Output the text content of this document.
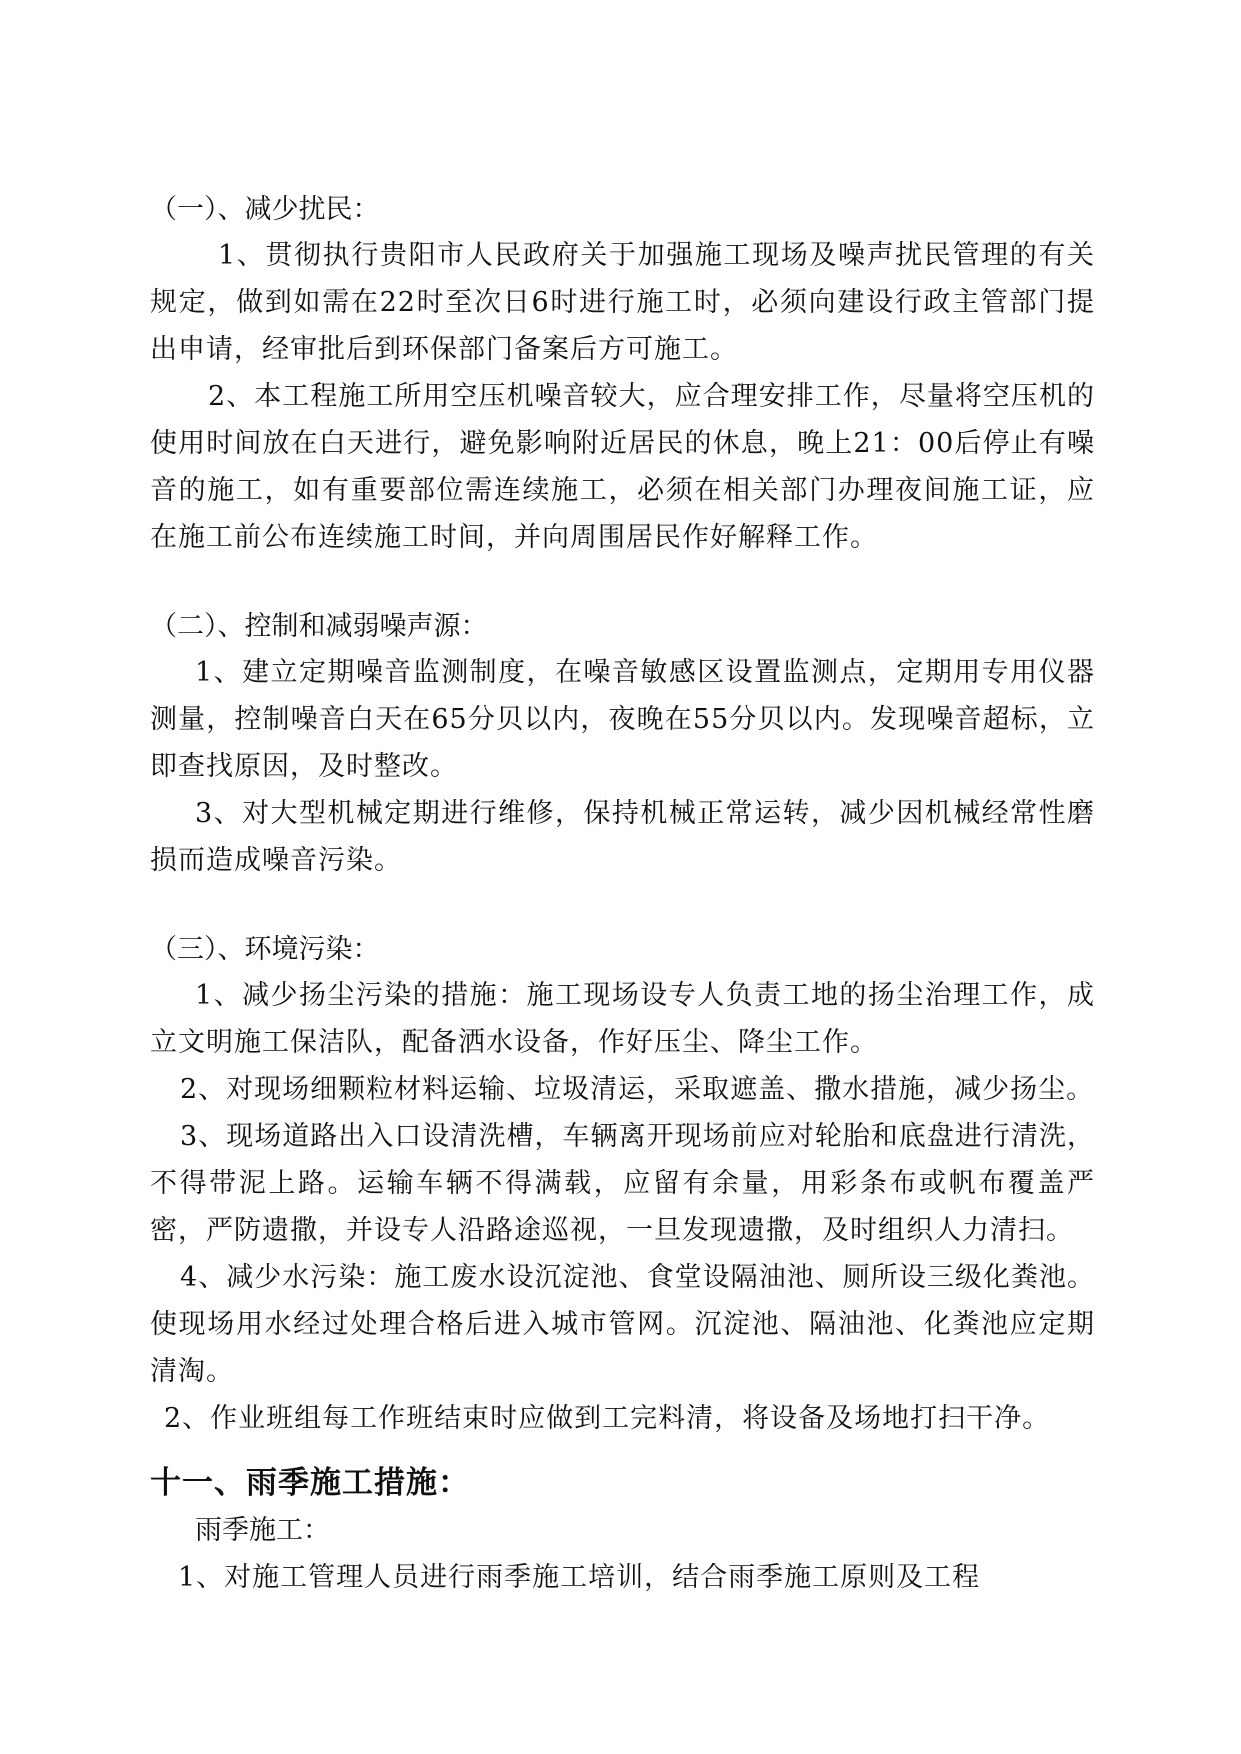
（一）、减少扰民：

1、贯彻执行贵阳市人民政府关于加强施工现场及噪声扰民管理的有关规定，做到如需在22时至次日6时进行施工时，必须向建设行政主管部门提出申请，经审批后到环保部门备案后方可施工。

2、本工程施工所用空压机噪音较大，应合理安排工作，尽量将空压机的使用时间放在白天进行，避免影响附近居民的休息，晚上21：00后停止有噪音的施工，如有重要部位需连续施工，必须在相关部门办理夜间施工证，应在施工前公布连续施工时间，并向周围居民作好解释工作。

（二）、控制和减弱噪声源：

1、建立定期噪音监测制度，在噪音敏感区设置监测点，定期用专用仪器测量，控制噪音白天在65分贝以内，夜晚在55分贝以内。发现噪音超标，立即查找原因，及时整改。

3、对大型机械定期进行维修，保持机械正常运转，减少因机械经常性磨损而造成噪音污染。

（三）、环境污染：

1、减少扬尘污染的措施：施工现场设专人负责工地的扬尘治理工作，成立文明施工保洁队，配备洒水设备，作好压尘、降尘工作。

2、对现场细颗粒材料运输、垃圾清运，采取遮盖、撒水措施，减少扬尘。

3、现场道路出入口设清洗槽，车辆离开现场前应对轮胎和底盘进行清洗，不得带泥上路。运输车辆不得满载，应留有余量，用彩条布或帆布覆盖严密，严防遗撒，并设专人沿路途巡视，一旦发现遗撒，及时组织人力清扫。

4、减少水污染：施工废水设沉淀池、食堂设隔油池、厕所设三级化粪池。使现场用水经过处理合格后进入城市管网。沉淀池、隔油池、化粪池应定期清淘。

2、作业班组每工作班结束时应做到工完料清，将设备及场地打扫干净。

十一、雨季施工措施：

雨季施工：

1、对施工管理人员进行雨季施工培训，结合雨季施工原则及工程
